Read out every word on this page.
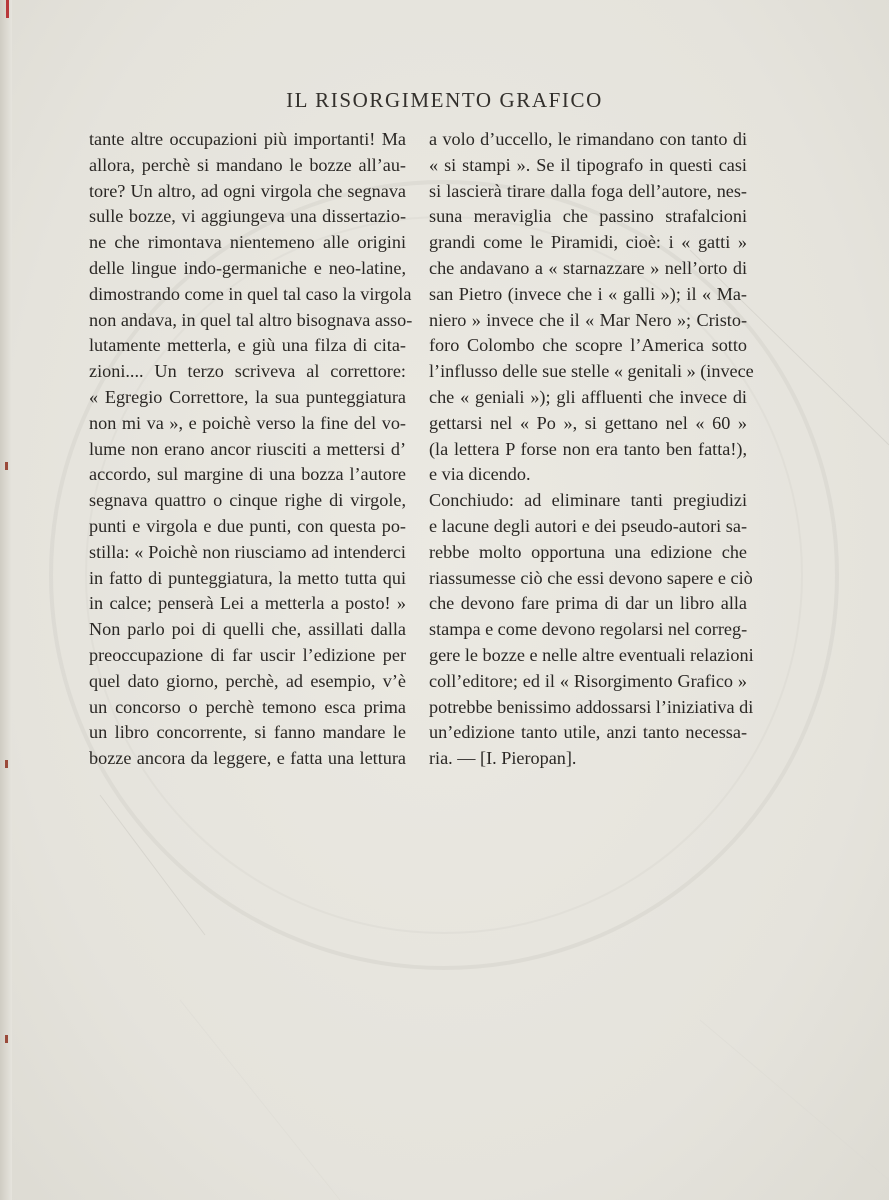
IL RISORGIMENTO GRAFICO
tante altre occupazioni più importanti! Ma
allora, perchè si mandano le bozze all’au-
tore? Un altro, ad ogni virgola che segnava
sulle bozze, vi aggiungeva una dissertazio-
ne che rimontava nientemeno alle origini
delle lingue indo-germaniche e neo-latine,
dimostrando come in quel tal caso la virgola
non andava, in quel tal altro bisognava asso-
lutamente metterla, e giù una filza di cita-
zioni.... Un terzo scriveva al correttore:
« Egregio Correttore, la sua punteggiatura
non mi va », e poichè verso la fine del vo-
lume non erano ancor riusciti a mettersi d’
accordo, sul margine di una bozza l’autore
segnava quattro o cinque righe di virgole,
punti e virgola e due punti, con questa po-
stilla: « Poichè non riusciamo ad intenderci
in fatto di punteggiatura, la metto tutta qui
in calce; penserà Lei a metterla a posto! »
Non parlo poi di quelli che, assillati dalla
preoccupazione di far uscir l’edizione per
quel dato giorno, perchè, ad esempio, v’è
un concorso o perchè temono esca prima
un libro concorrente, si fanno mandare le
bozze ancora da leggere, e fatta una lettura
a volo d’uccello, le rimandano con tanto di
« si stampi ». Se il tipografo in questi casi
si lascierà tirare dalla foga dell’autore, nes-
suna meraviglia che passino strafalcioni
grandi come le Piramidi, cioè: i « gatti »
che andavano a « starnazzare » nell’orto di
san Pietro (invece che i « galli »); il « Ma-
niero » invece che il « Mar Nero »; Cristo-
foro Colombo che scopre l’America sotto
l’influsso delle sue stelle « genitali » (invece
che « geniali »); gli affluenti che invece di
gettarsi nel « Po », si gettano nel « 60 »
(la lettera P forse non era tanto ben fatta!),
e via dicendo.
Conchiudo: ad eliminare tanti pregiudizi
e lacune degli autori e dei pseudo-autori sa-
rebbe molto opportuna una edizione che
riassumesse ciò che essi devono sapere e ciò
che devono fare prima di dar un libro alla
stampa e come devono regolarsi nel correg-
gere le bozze e nelle altre eventuali relazioni
coll’editore; ed il « Risorgimento Grafico »
potrebbe benissimo addossarsi l’iniziativa di
un’edizione tanto utile, anzi tanto necessa-
ria. — [I. Pieropan].
